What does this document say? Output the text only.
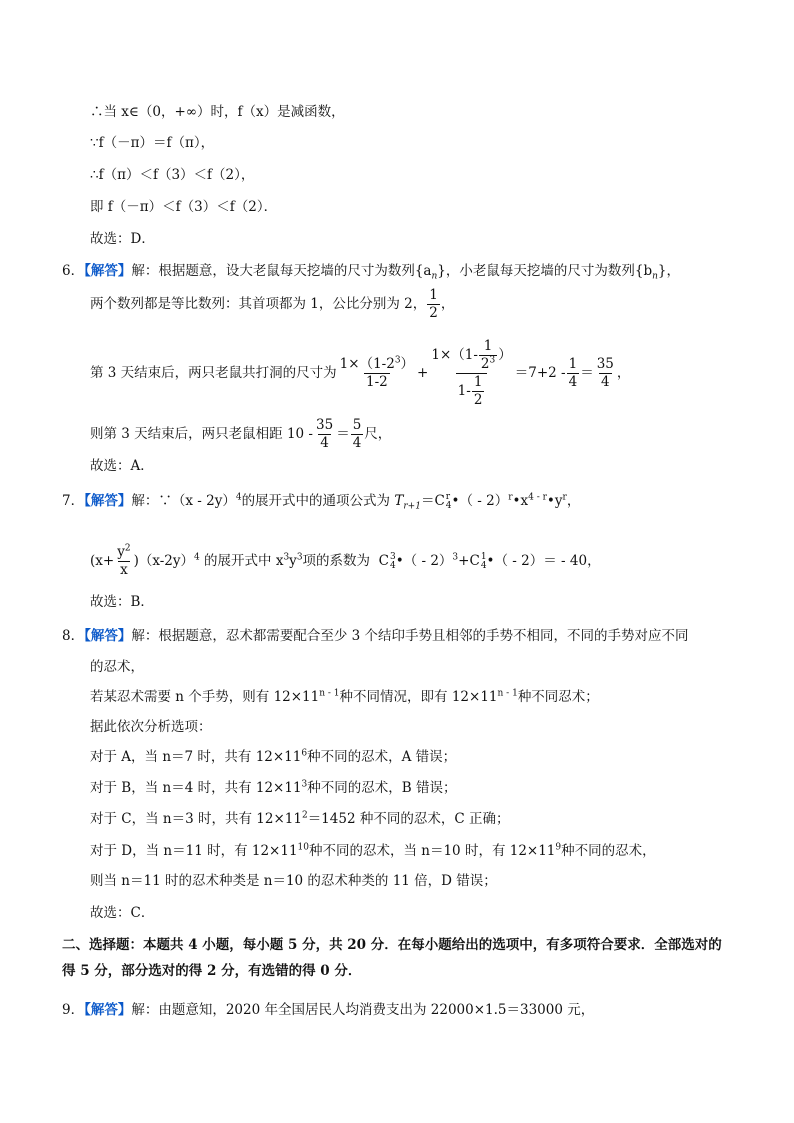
∴当 x∈（0，+∞）时，f（x）是减函数，
∵f（－π）＝f（π），
∴f（π）＜f（3）＜f（2），
即 f（－π）＜f（3）＜f（2）．
故选：D．
6．【解答】解：根据题意，设大老鼠每天挖墙的尺寸为数列$\{a_n\}$，小老鼠每天挖墙的尺寸为数列$\{b_n\}$，
两个数列都是等比数列：其首项都为 1，公比分别为 2， $\frac{1}{2}$ ，
第 3 天结束后，两只老鼠共打洞的尺寸为 $\frac{1\times(1-2^3)}{1-2} + \frac{1\times(1- \frac{1}{2^3} )}{1- \frac{1}{2}} =7+2 - \frac{1}{4} = \frac{35}{4}$ ，
则第 3 天结束后，两只老鼠相距 $10 - \frac{35}{4} = \frac{5}{4}$ 尺，
故选：A．
7．【解答】解：∵（x - 2y）$^4$的展开式中的通项公式为 $T_{r+1}=C$ r
4 •（ - $2)^r•x^{4 - r}•y^r$，
$(x+ \frac{y^2}{x} )(x-2y)^4$ 的展开式中 $x^3y^3$项的系数为 C 3
4 •（ - 2）$^3$+C 1
4 •（ - 2）＝ - 40，
故选：B．
8．【解答】解：根据题意，忍术都需要配合至少 3 个结印手势且相邻的手势不相同，不同的手势对应不同
的忍术，
若某忍术需要 n 个手势，则有 $12\times 11^{n - 1}$种不同情况，即有 $12\times 11^{n - 1}$种不同忍术；
据此依次分析选项：
对于 A，当 n＝7 时，共有 $12\times 11^6$种不同的忍术，A 错误；
对于 B，当 n＝4 时，共有 $12\times 11^3$种不同的忍术，B 错误；
对于 C，当 n＝3 时，共有 $12\times 11^2=1452$ 种不同的忍术，C 正确；
对于 D，当 n＝11 时，有 $12\times 11^{10}$种不同的忍术，当 n＝10 时，有 $12\times 11^9$种不同的忍术，
则当 n＝11 时的忍术种类是 n＝10 的忍术种类的 11 倍，D 错误；
故选：C．
二、选择题：本题共 4 小题，每小题 5 分，共 20 分．在每小题给出的选项中，有多项符合要求．全部选对的得 5 分，部分选对的得 2 分，有选错的得 0 分．
9．【解答】解：由题意知，2020 年全国居民人均消费支出为 22000×1.5＝33000 元，
